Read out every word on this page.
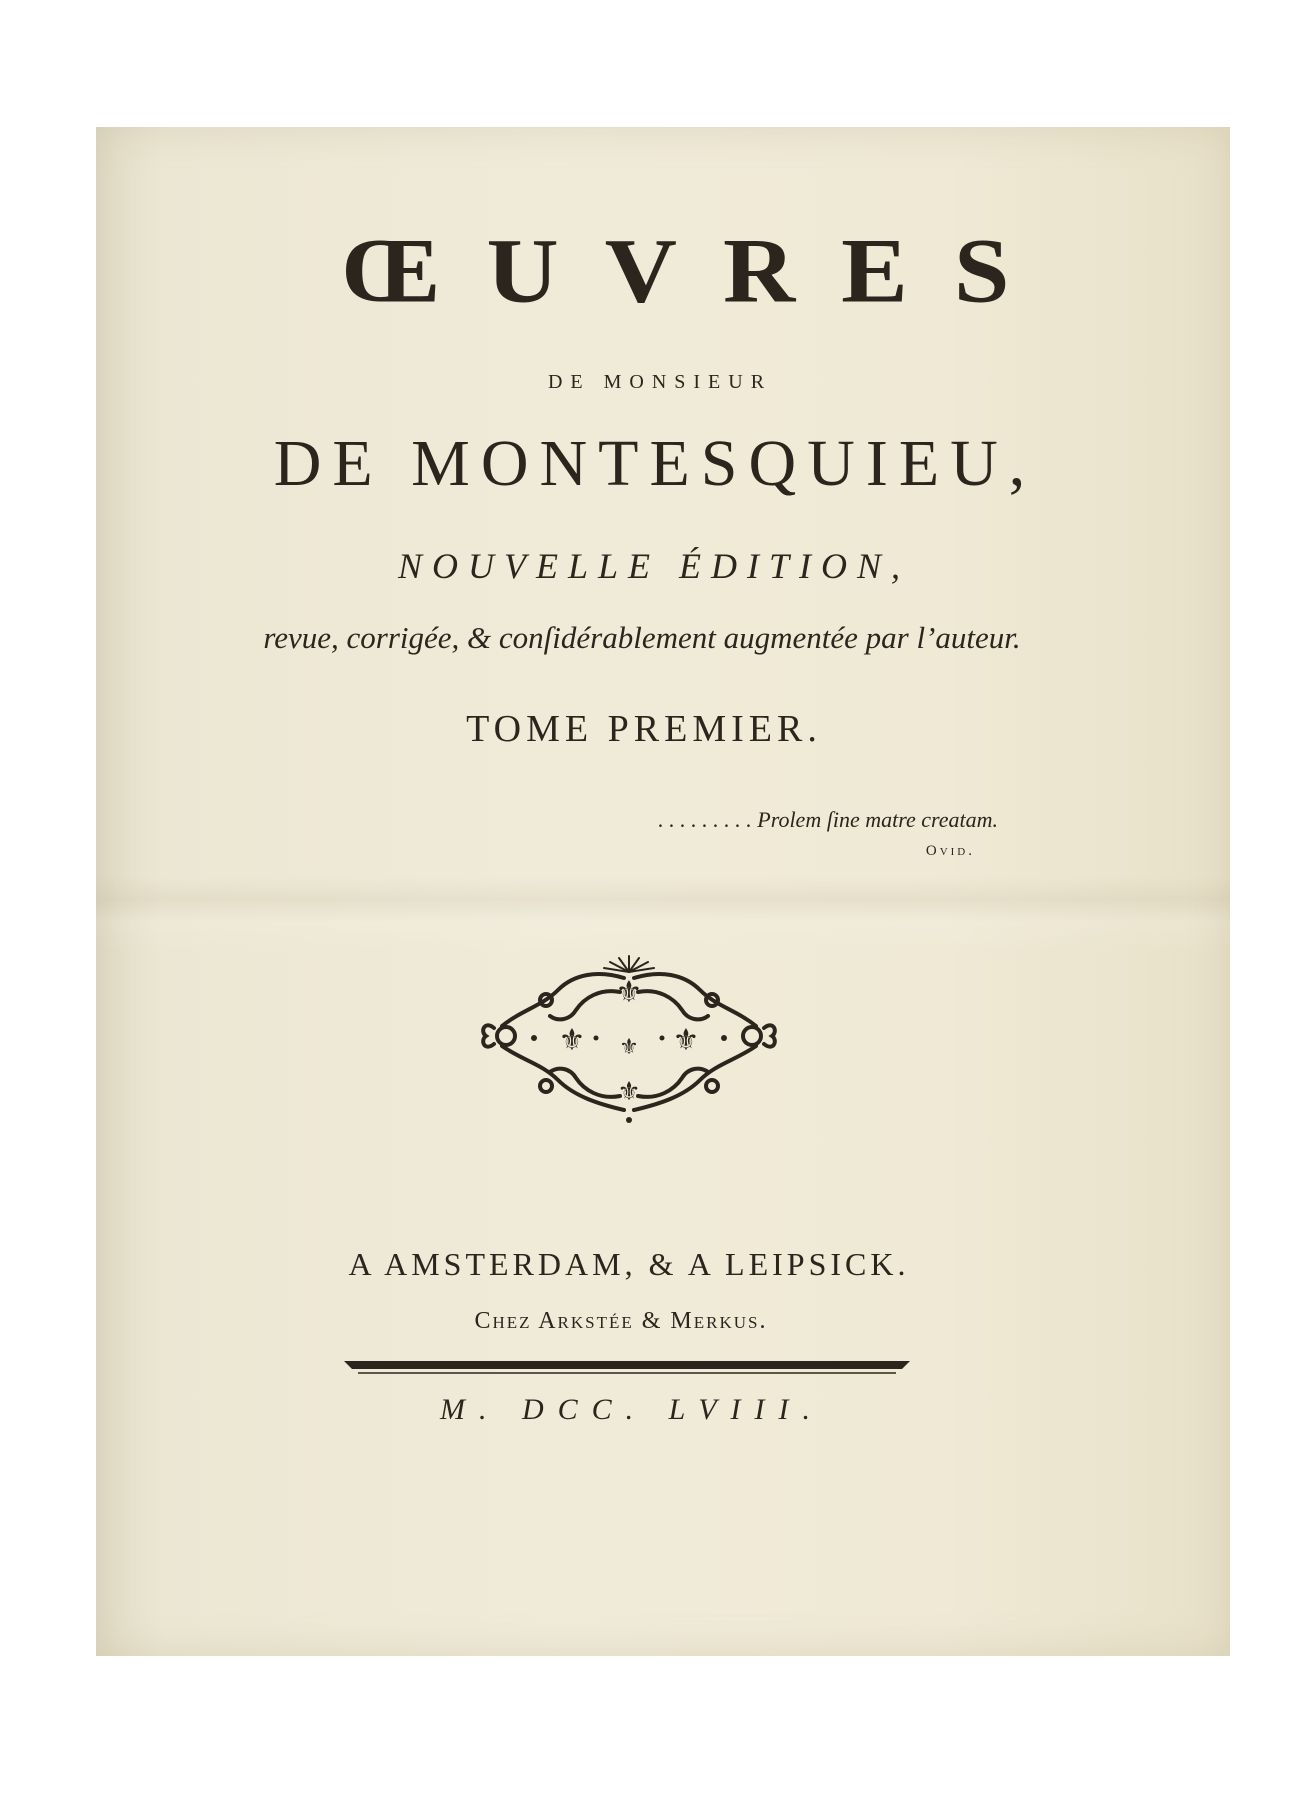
ŒUVRES
DE MONSIEUR
DE MONTESQUIEU,
NOUVELLE ÉDITION,
revue, corrigée, & conſidérablement augmentée par l’auteur.
TOME PREMIER.
. . . . . . . . . Prolem ſine matre creatam.
Ovid.
⚜
⚜	⚜
⚜
⚜
A AMSTERDAM, & A LEIPSICK.
Chez Arkstée & Merkus.
M. DCC. LVIII.
